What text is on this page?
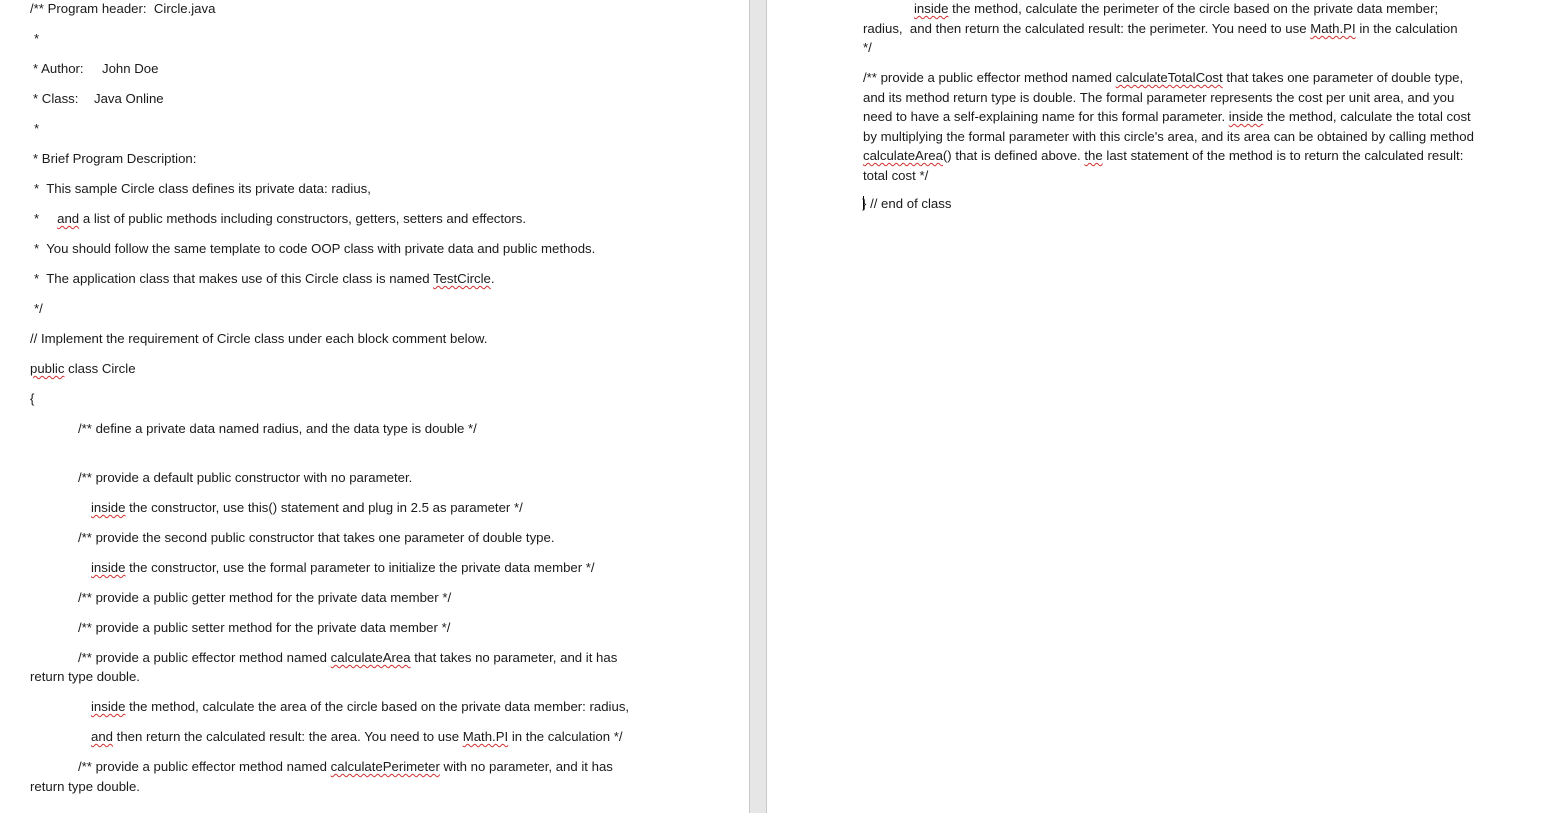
/** Program header:  Circle.java
*
* Author: John Doe
* Class: Java Online
*
* Brief Program Description:
*  This sample Circle class defines its private data: radius,
* and a list of public methods including constructors, getters, setters and effectors.
*  You should follow the same template to code OOP class with private data and public methods.
*  The application class that makes use of this Circle class is named TestCircle.
*/
// Implement the requirement of Circle class under each block comment below.
public class Circle
{
/** define a private data named radius, and the data type is double */
/** provide a default public constructor with no parameter.
inside the constructor, use this() statement and plug in 2.5 as parameter */
/** provide the second public constructor that takes one parameter of double type.
inside the constructor, use the formal parameter to initialize the private data member */
/** provide a public getter method for the private data member */
/** provide a public setter method for the private data member */
/** provide a public effector method named calculateArea that takes no parameter, and it has
return type double.
inside the method, calculate the area of the circle based on the private data member: radius,
and then return the calculated result: the area. You need to use Math.PI in the calculation */
/** provide a public effector method named calculatePerimeter with no parameter, and it has
return type double.
inside the method, calculate the perimeter of the circle based on the private data member;
radius,  and then return the calculated result: the perimeter. You need to use Math.PI in the calculation
*/
/** provide a public effector method named calculateTotalCost that takes one parameter of double type, and its method return type is double. The formal parameter represents the cost per unit area, and you need to have a self-explaining name for this formal parameter. inside the method, calculate the total cost by multiplying the formal parameter with this circle's area, and its area can be obtained by calling method calculateArea() that is defined above. the last statement of the method is to return the calculated result: total cost */
} // end of class
